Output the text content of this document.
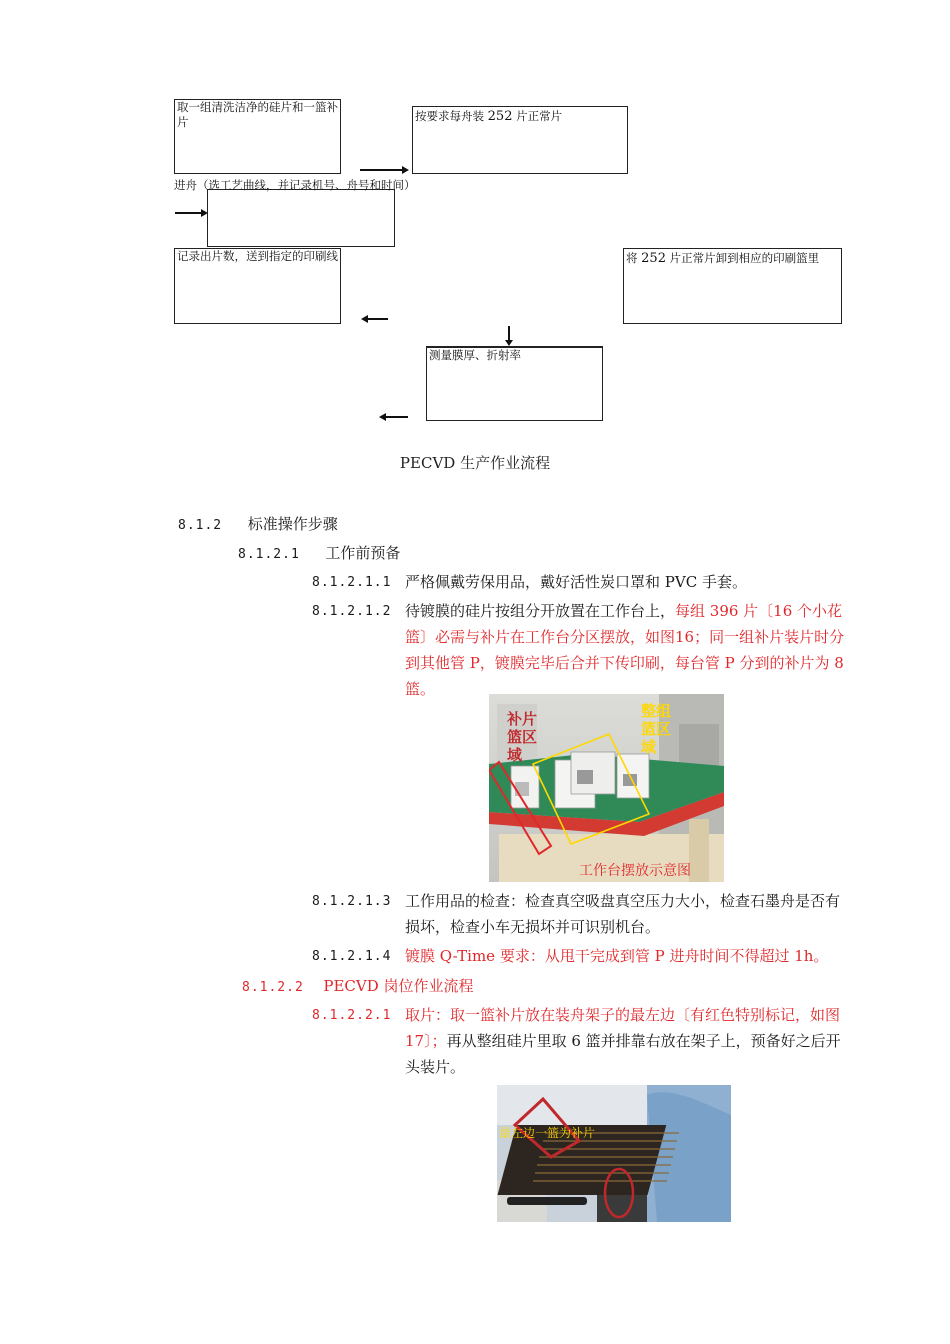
取一组清洗洁净的硅片和一篮补片	按要求每舟装 252 片正常片
进舟（选工艺曲线，并记录机号、舟号和时间）
记录出片数，送到指定的印刷线	将 252 片正常片卸到相应的印刷篮里
测量膜厚、折射率
PECVD 生产作业流程
8.1.2 标准操作步骤
8.1.2.1 工作前预备
8.1.2.1.1 严格佩戴劳保用品，戴好活性炭口罩和 PVC 手套。
8.1.2.1.2 待镀膜的硅片按组分开放置在工作台上，每组 396 片〔16 个小花篮〕必需与补片在工作台分区摆放，如图16；同一组补片装片时分到其他管 P，镀膜完毕后合并下传印刷，每台管 P 分到的补片为 8 篮。
补片篮区域
整组篮区域
工作台摆放示意图
8.1.2.1.3 工作用品的检查：检查真空吸盘真空压力大小，检查石墨舟是否有损坏，检查小车无损坏并可识别机台。
8.1.2.1.4 镀膜 Q-Time 要求：从甩干完成到管 P 进舟时间不得超过 1h。
8.1.2.2 PECVD 岗位作业流程
8.1.2.2.1 取片：取一篮补片放在装舟架子的最左边〔有红色特别标记，如图 17〕；再从整组硅片里取 6 篮并排靠右放在架子上，预备好之后开头装片。
最左边一篮为补片
